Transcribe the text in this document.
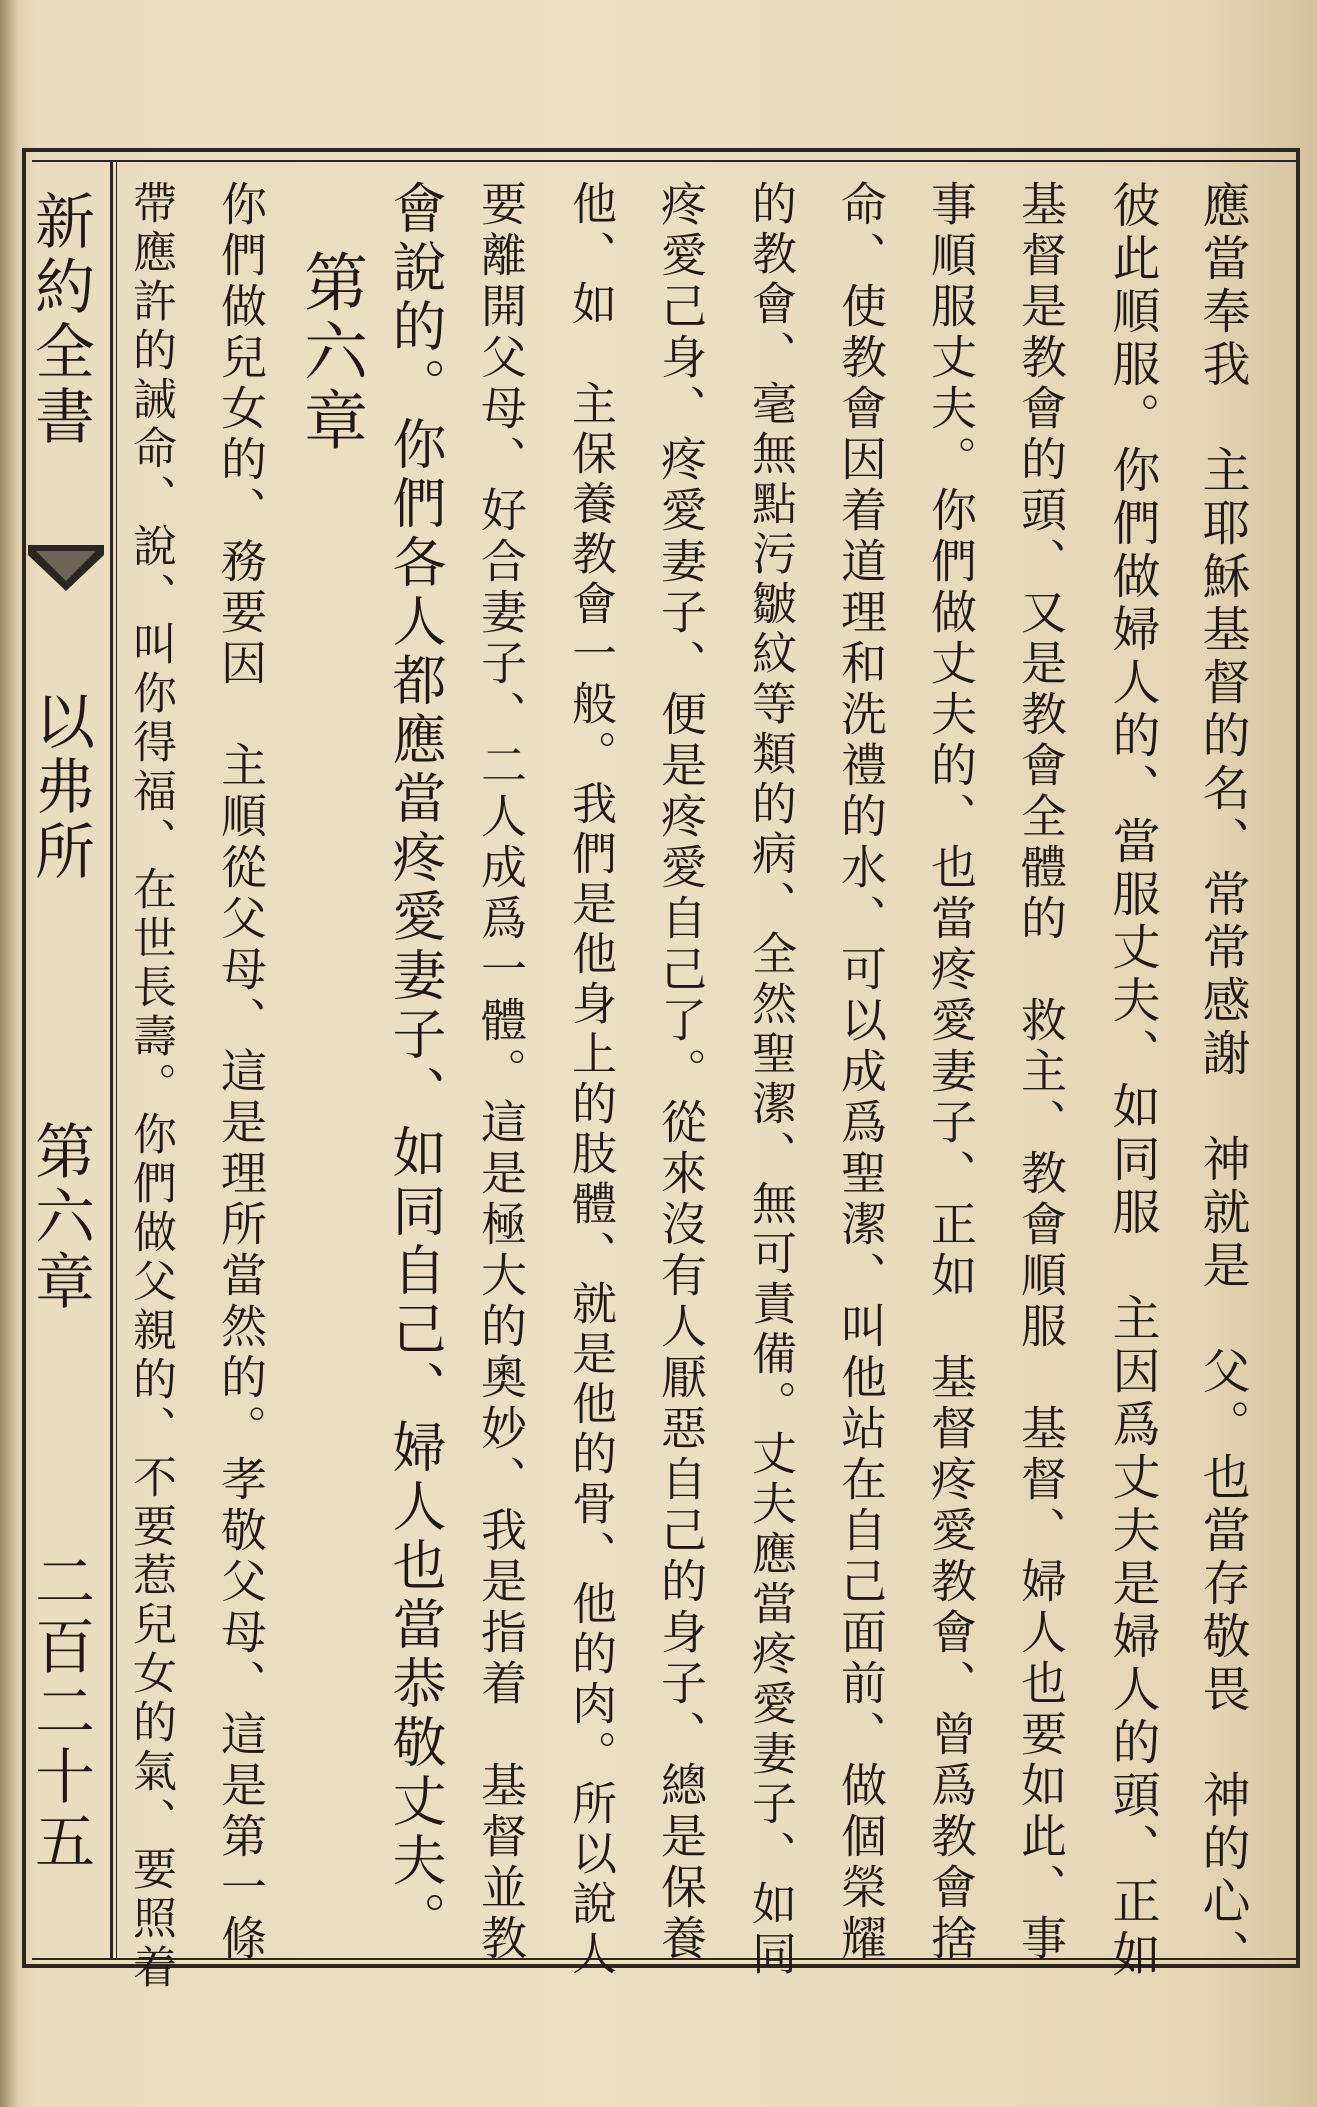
新約全書
以弗所
第六章
二百二十五	應當奉我　主耶穌基督的名、常常感謝　神就是　父。也當存敬畏　神的心、
彼此順服。你們做婦人的、當服丈夫、如同服　主因爲丈夫是婦人的頭、正如
基督是教會的頭、又是教會全體的　救主、教會順服　基督、婦人也要如此、事
事順服丈夫。你們做丈夫的、也當疼愛妻子、正如　基督疼愛教會、曾爲教會捨
命、使教會因着道理和洗禮的水、可以成爲聖潔、叫他站在自己面前、做個榮耀
的教會、毫無點污皺紋等類的病、全然聖潔、無可責備。丈夫應當疼愛妻子、如同
疼愛己身、疼愛妻子、便是疼愛自己了。從來沒有人厭惡自己的身子、總是保養
他、如　主保養教會一般。我們是他身上的肢體、就是他的骨、他的肉。所以說人
要離開父母、好合妻子、二人成爲一體。這是極大的奧妙、我是指着　基督並教
會說的。你們各人都應當疼愛妻子、如同自己、婦人也當恭敬丈夫。
　第六章
你們做兒女的、務要因　主順從父母、這是理所當然的。孝敬父母、這是第一條
帶應許的誡命、說、叫你得福、在世長壽。你們做父親的、不要惹兒女的氣、要照着
